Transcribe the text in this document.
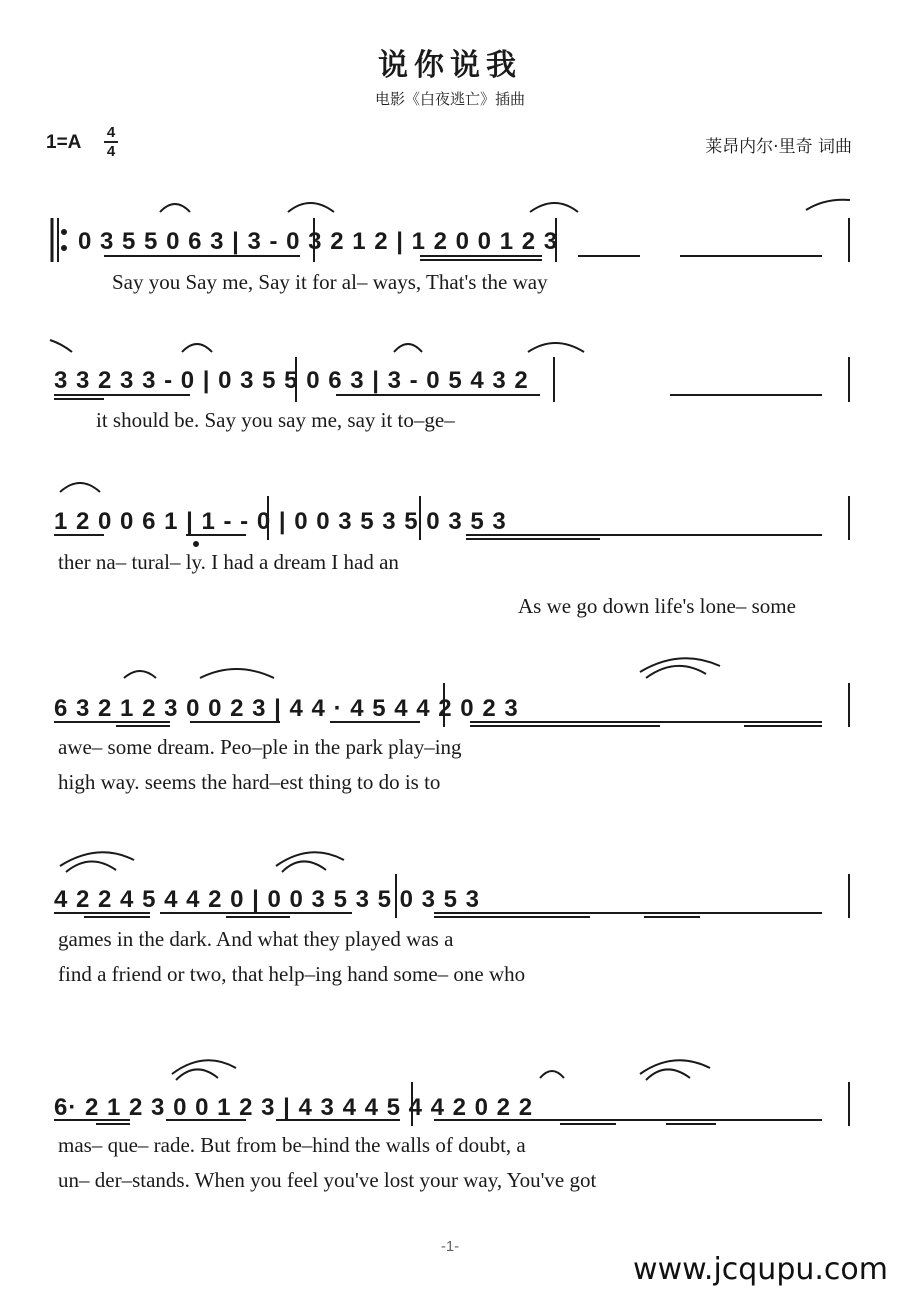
说你说我
电影《白夜逃亡》插曲
1=A 4
4	莱昂内尔·里奇 词曲
0 3 5 5 0 6 3 | 3 - 0 3 2 1 2 | 1 2 0 0 1 2 3
Say you Say me, Say it for al– ways, That's the way
3 3 2 3 3 - 0 | 0 3 5 5 0 6 3 | 3 - 0 5 4 3 2
it should be. Say you say me, say it to–ge–
1 2 0 0 6 1 | 1 - - 0 | 0 0 3 5 3 5 0 3 5 3
ther na– tural– ly. I had a dream I had an
As we go down life's lone– some
6 3 2 1 2 3 0 0 2 3 | 4 4 · 4 5 4 4 2 0 2 3
awe– some dream. Peo–ple in the park play–ing
high way. seems the hard–est thing to do is to
4 2 2 4 5 4 4 2 0 | 0 0 3 5 3 5 0 3 5 3
games in the dark. And what they played was a
find a friend or two, that help–ing hand some– one who
6· 2 1 2 3 0 0 1 2 3 | 4 3 4 4 5 4 4 2 0 2 2
mas– que– rade. But from be–hind the walls of doubt, a
un– der–stands. When you feel you've lost your way, You've got
-1-
www.jcqupu.com
